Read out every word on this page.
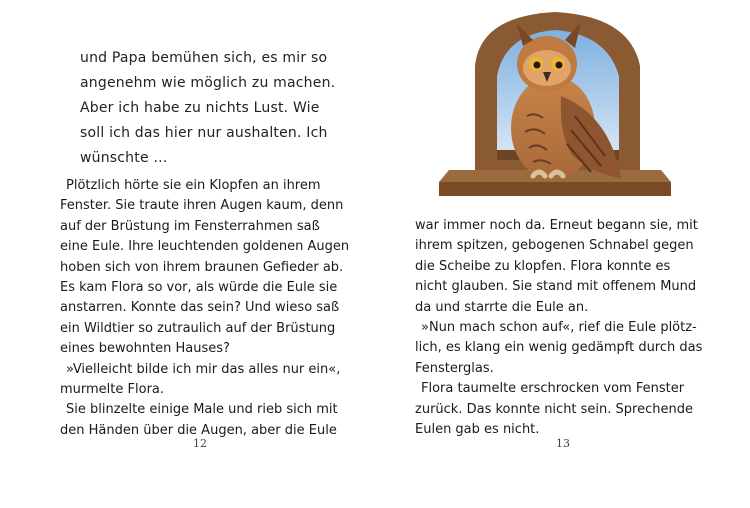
und Papa bemühen sich, es mir so
angenehm wie möglich zu machen.
Aber ich habe zu nichts Lust. Wie
soll ich das hier nur aushalten. Ich
wünschte …
Plötzlich hörte sie ein Klopfen an ihrem
Fenster. Sie traute ihren Augen kaum, denn
auf der Brüstung im Fensterrahmen saß
eine Eule. Ihre leuchtenden goldenen Augen
hoben sich von ihrem braunen Gefieder ab.
Es kam Flora so vor, als würde die Eule sie
anstarren. Konnte das sein? Und wieso saß
ein Wildtier so zutraulich auf der Brüstung
eines bewohnten Hauses?
»Vielleicht bilde ich mir das alles nur ein«,
murmelte Flora.
Sie blinzelte einige Male und rieb sich mit
den Händen über die Augen, aber die Eule
12
war immer noch da. Erneut begann sie, mit
ihrem spitzen, gebogenen Schnabel gegen
die Scheibe zu klopfen. Flora konnte es
nicht glauben. Sie stand mit offenem Mund
da und starrte die Eule an.
»Nun mach schon auf«, rief die Eule plötz-
lich, es klang ein wenig gedämpft durch das
Fensterglas.
Flora taumelte erschrocken vom Fenster
zurück. Das konnte nicht sein. Sprechende
Eulen gab es nicht.
13
